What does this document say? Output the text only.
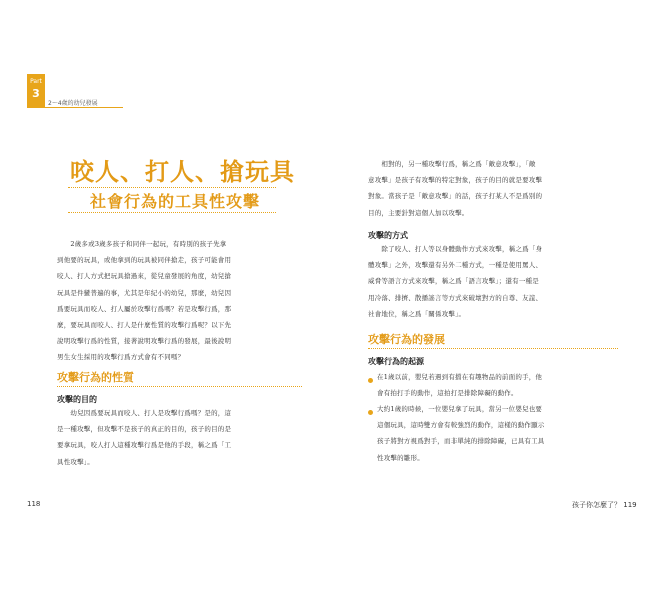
Part
3
2～4歲的幼兒發展
咬人、打人、搶玩具
社會行為的工具性攻擊

　　2歲多或3歲多孩子和同伴一起玩，有時別的孩子先拿
到他要的玩具，或他拿到的玩具被同伴搶走，孩子可能會用
咬人、打人方式把玩具搶過來，從兒童發展的角度，幼兒搶
玩具是件蠻普遍的事，尤其是年紀小的幼兒，那麼，幼兒因
爲要玩具而咬人、打人屬於攻擊行爲嗎？若是攻擊行爲，那
麼，要玩具而咬人、打人是什麼性質的攻擊行爲呢？以下先
說明攻擊行爲的性質，接著說明攻擊行爲的發展，最後說明
男生女生採用的攻擊行爲方式會有不同嗎？

攻擊行為的性質
攻擊的目的

　　幼兒因爲要玩具而咬人、打人是攻擊行爲嗎？是的，這
是一種攻擊，但攻擊不是孩子的真正的目的，孩子的目的是
要拿玩具，咬人打人這種攻擊行爲是他的手段，稱之爲「工
具性攻擊」。

118

　　相對的，另一種攻擊行爲，稱之爲「敵意攻擊」，「敵
意攻擊」是孩子有攻擊的特定對象，孩子的目的就是要攻擊
對象。當孩子是「敵意攻擊」的話，孩子打某人不是爲別的
目的，主要針對這個人加以攻擊。

攻擊的方式

　　除了咬人、打人等以身體動作方式來攻擊，稱之爲「身
體攻擊」之外，攻擊還有另外二種方式，一種是使用罵人、
威脅等語言方式來攻擊，稱之爲「語言攻擊」；還有一種是
用冷落、排擠、散播謠言等方式來破壞對方的自尊、友誼、
社會地位，稱之爲「關係攻擊」。

攻擊行為的發展
攻擊行為的起源

在1歲以前，嬰兒若遇到有擋在有趣物品的前面的手，他
會有拍打手的動作，這拍打是排除障礙的動作。

大約1歲的時候，一位嬰兒拿了玩具，當另一位嬰兒也要
這個玩具，這時雙方會有較強烈的動作，這樣的動作顯示
孩子將對方視爲對手，而非單純的排除障礙，已具有工具
性攻擊的雛形。

孩子你怎麼了？ 119
